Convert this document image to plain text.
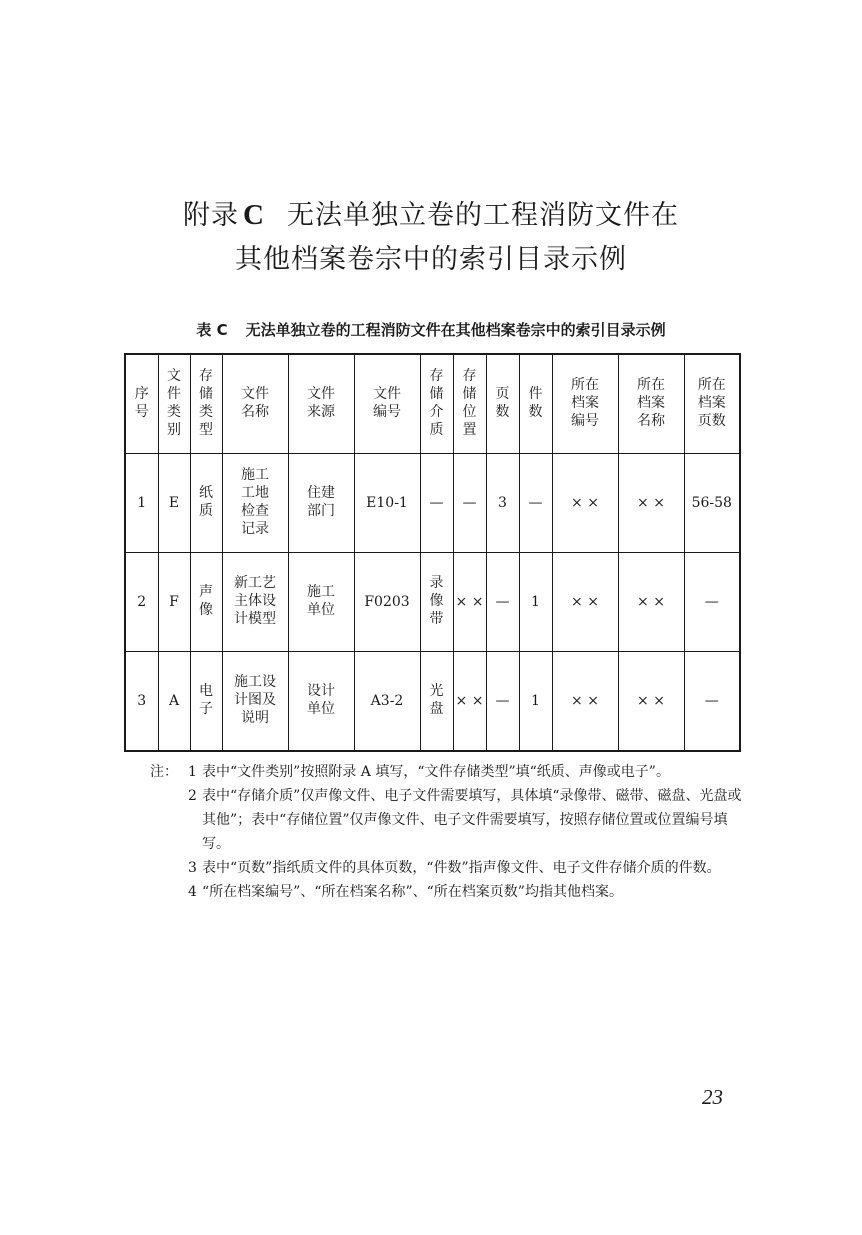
附录 C 无法单独立卷的工程消防文件在
其他档案卷宗中的索引目录示例
表 C 无法单独立卷的工程消防文件在其他档案卷宗中的索引目录示例
序号	文件类别	存储类型	文件名称	文件来源	文件编号	存储介质	存储位置	页数	件数	所在档案编号	所在档案名称	所在档案页数
1	E	纸质	施工工地检查记录	住建部门	E10-1	—	—	3	—	× ×	× ×	56-58
2	F	声像	新工艺主体设计模型	施工单位	F0203	录像带	× ×	—	1	× ×	× ×	—
3	A	电子	施工设计图及说明	设计单位	A3-2	光盘	× ×	—	1	× ×	× ×	—
注： 1 表中“文件类别”按照附录 A 填写，“文件存储类型”填“纸质、声像或电子”。
2 表中“存储介质”仅声像文件、电子文件需要填写，具体填“录像带、磁带、磁盘、光盘或其他”；表中“存储位置”仅声像文件、电子文件需要填写，按照存储位置或位置编号填写。
3 表中“页数”指纸质文件的具体页数，“件数”指声像文件、电子文件存储介质的件数。
4 “所在档案编号”、“所在档案名称”、“所在档案页数”均指其他档案。
23
